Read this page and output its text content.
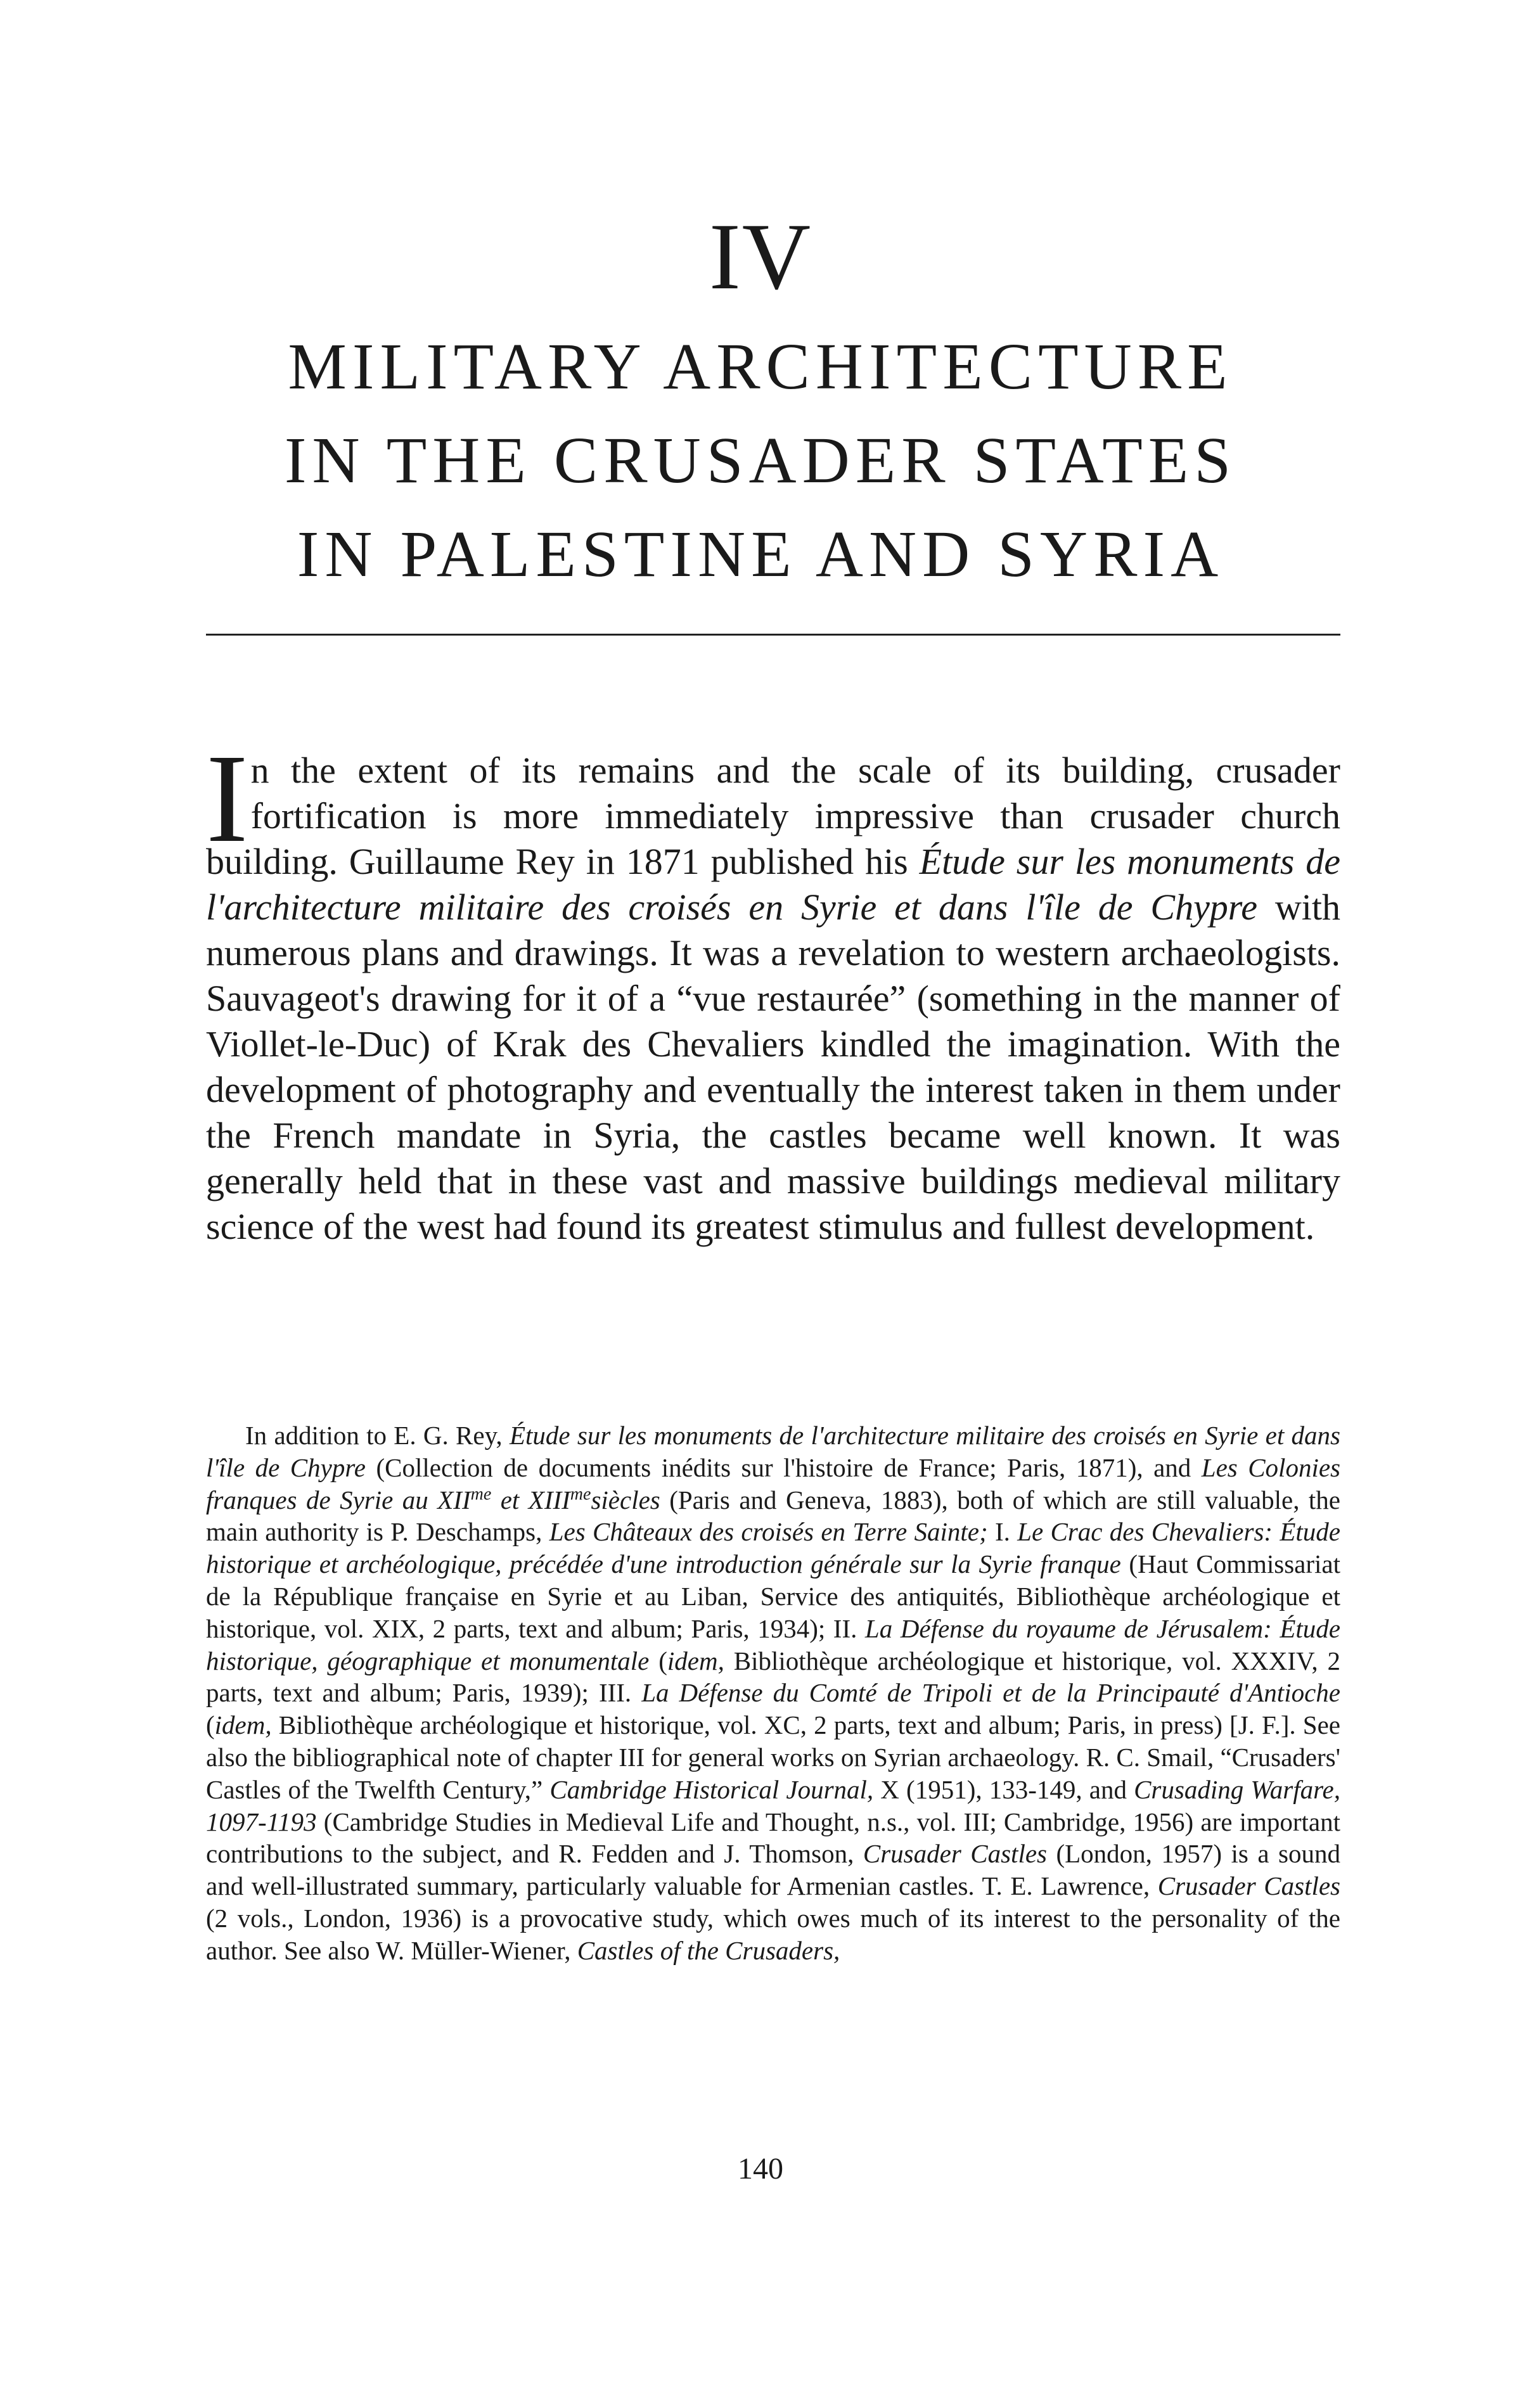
IV
MILITARY ARCHITECTURE
IN THE CRUSADER STATES
IN PALESTINE AND SYRIA

In the extent of its remains and the scale of its building, crusader fortification is more immediately impressive than crusader church building. Guillaume Rey in 1871 published his Étude sur les monuments de l'architecture militaire des croisés en Syrie et dans l'île de Chypre with numerous plans and drawings. It was a revelation to western archaeologists. Sauvageot's drawing for it of a “vue restaurée” (something in the manner of Viollet-le-Duc) of Krak des Chevaliers kindled the imagination. With the development of photography and eventually the interest taken in them under the French mandate in Syria, the castles became well known. It was generally held that in these vast and massive buildings medieval military science of the west had found its greatest stimulus and fullest development.

In addition to E. G. Rey, Étude sur les monuments de l'architecture militaire des croisés en Syrie et dans l'île de Chypre (Collection de documents inédits sur l'histoire de France; Paris, 1871), and Les Colonies franques de Syrie au $XII^{me}$ et $XIII^{me}siècles$ (Paris and Geneva, 1883), both of which are still valuable, the main authority is P. Deschamps, Les Châteaux des croisés en Terre Sainte; I. Le Crac des Chevaliers: Étude historique et archéologique, précédée d'une introduction générale sur la Syrie franque (Haut Commissariat de la République française en Syrie et au Liban, Service des antiquités, Bibliothèque archéologique et historique, vol. XIX, 2 parts, text and album; Paris, 1934); II. La Défense du royaume de Jérusalem: Étude historique, géographique et monumentale (idem, Bibliothèque archéologique et historique, vol. XXXIV, 2 parts, text and album; Paris, 1939); III. La Défense du Comté de Tripoli et de la Principauté d'Antioche (idem, Bibliothèque archéologique et historique, vol. XC, 2 parts, text and album; Paris, in press) [J. F.]. See also the bibliographical note of chapter III for general works on Syrian archaeology. R. C. Smail, “Crusaders' Castles of the Twelfth Century,” Cambridge Historical Journal, X (1951), 133-149, and Crusading Warfare, 1097-1193 (Cambridge Studies in Medieval Life and Thought, n.s., vol. III; Cambridge, 1956) are important contributions to the subject, and R. Fedden and J. Thomson, Crusader Castles (London, 1957) is a sound and well-illustrated summary, particularly valuable for Armenian castles. T. E. Lawrence, Crusader Castles (2 vols., London, 1936) is a provocative study, which owes much of its interest to the personality of the author. See also W. Müller-Wiener, Castles of the Crusaders,

140
